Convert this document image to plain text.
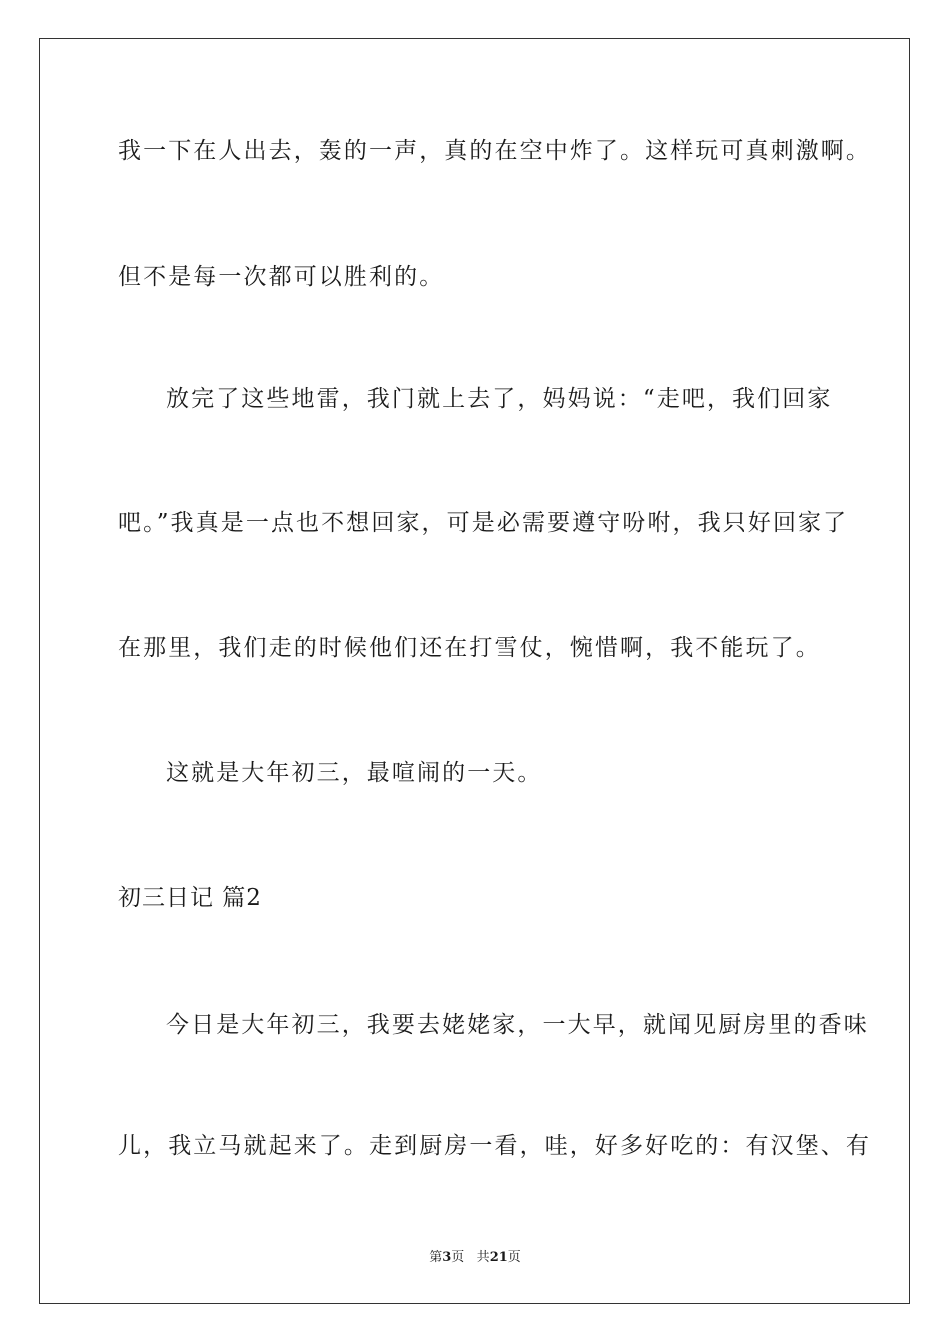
我一下在人出去，轰的一声，真的在空中炸了。这样玩可真刺激啊。
但不是每一次都可以胜利的。
放完了这些地雷，我门就上去了，妈妈说：“走吧，我们回家
吧。”我真是一点也不想回家，可是必需要遵守吩咐，我只好回家了
在那里，我们走的时候他们还在打雪仗，惋惜啊，我不能玩了。
这就是大年初三，最喧闹的一天。
初三日记 篇2
今日是大年初三，我要去姥姥家，一大早，就闻见厨房里的香味
儿，我立马就起来了。走到厨房一看，哇，好多好吃的：有汉堡、有
第3页 共21页
